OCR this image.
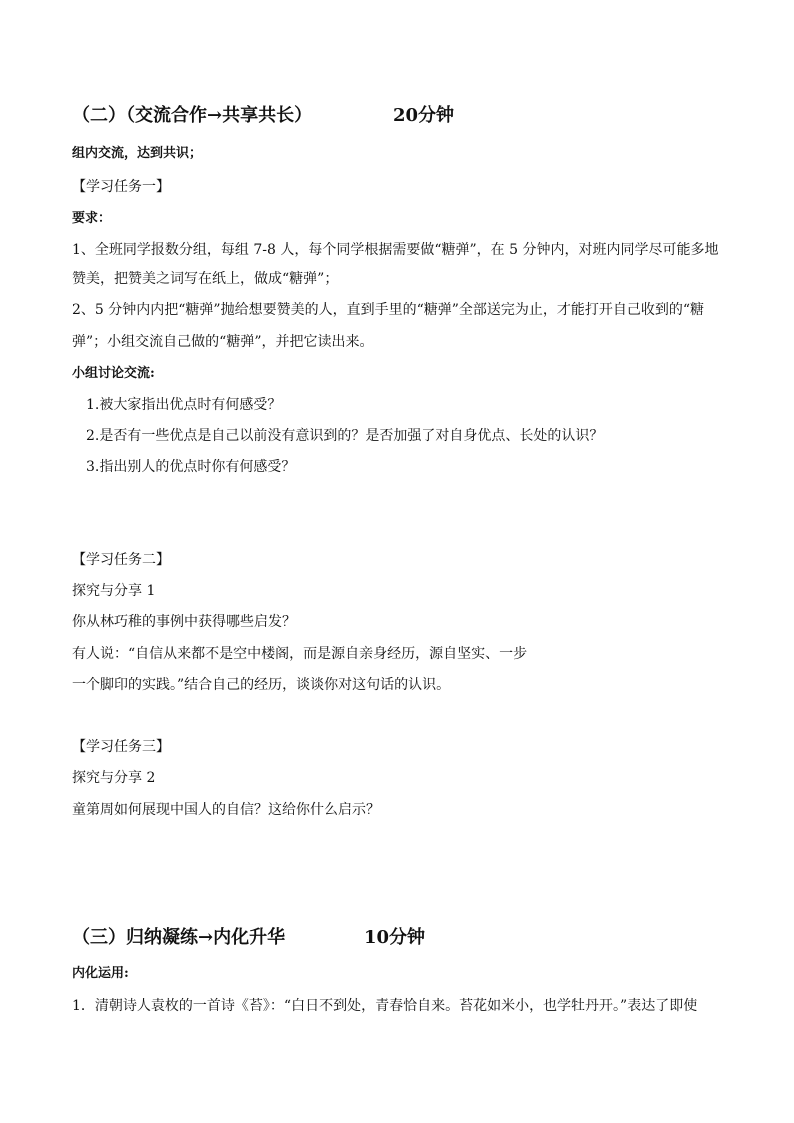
（二）（交流合作→共享共长）	20分钟
组内交流，达到共识；
【学习任务一】
要求：
1、全班同学报数分组，每组 7-8 人，每个同学根据需要做“糖弹”，在 5 分钟内，对班内同学尽可能多地
赞美，把赞美之词写在纸上，做成“糖弹”；
2、5 分钟内内把“糖弹”抛给想要赞美的人，直到手里的“糖弹”全部送完为止，才能打开自己收到的“糖
弹”；小组交流自己做的“糖弹”，并把它读出来。
小组讨论交流:
1.被大家指出优点时有何感受？
2.是否有一些优点是自己以前没有意识到的？是否加强了对自身优点、长处的认识？
3.指出别人的优点时你有何感受？
【学习任务二】
探究与分享 1
你从林巧稚的事例中获得哪些启发？
有人说：“自信从来都不是空中楼阁，而是源自亲身经历，源自坚实、一步
一个脚印的实践。”结合自己的经历，谈谈你对这句话的认识。
【学习任务三】
探究与分享 2
童第周如何展现中国人的自信？这给你什么启示？
（三）归纳凝练→内化升华	10分钟
内化运用:
1．清朝诗人袁枚的一首诗《苔》：“白日不到处，青春恰自来。苔花如米小，也学牡丹开。”表达了即使
